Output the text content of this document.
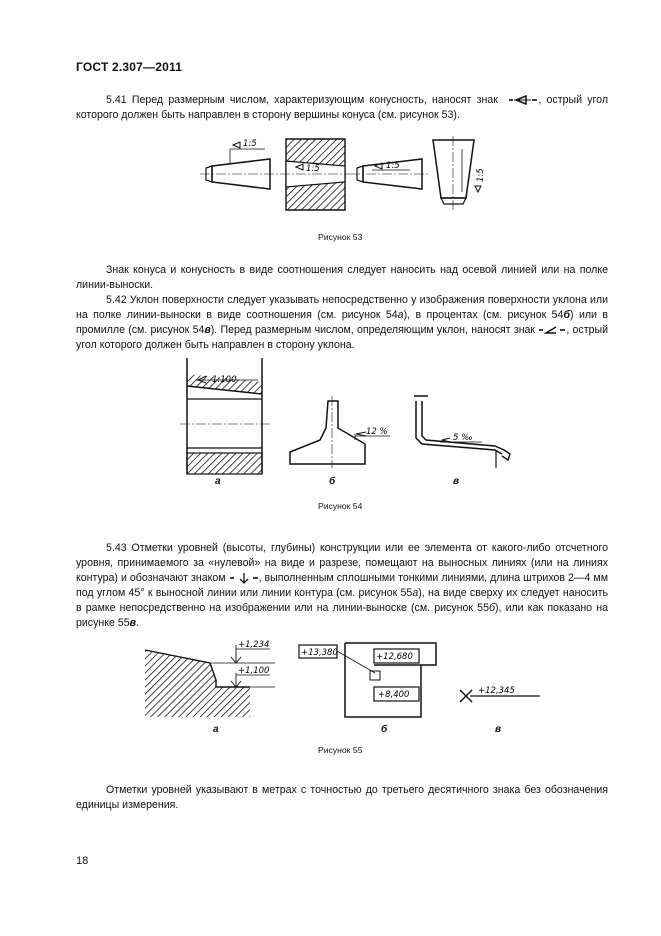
ГОСТ 2.307—2011
5.41 Перед размерным числом, характеризующим конусность, наносят знак	, острый угол которого должен быть направлен в сторону вершины конуса (см. рисунок 53).
1:5
1:5	1:5
1:5
Рисунок 53
Знак конуса и конусность в виде соотношения следует наносить над осевой линией или на полке линии-выноски.
5.42 Уклон поверхности следует указывать непосредственно у изображения поверхности уклона или на полке линии-выноски в виде соотношения (см. рисунок 54а), в процентах (см. рисунок 54б) или в промилле (см. рисунок 54в). Перед размерным числом, определяющим уклон, наносят знак	, острый угол которого должен быть направлен в сторону уклона.
1:100
12 %
5 ‰
а	б	в
Рисунок 54
5.43 Отметки уровней (высоты, глубины) конструкции или ее элемента от какого-либо отсчетного уровня, принимаемого за «нулевой» на виде и разрезе, помещают на выносных линиях (или на линиях контура) и обозначают знаком	, выполненным сплошными тонкими линиями, длина штрихов 2—4 мм под углом 45° к выносной линии или линии контура (см. рисунок 55а), на виде сверху их следует наносить в рамке непосредственно на изображении или на линии-выноске (см. рисунок 55б), или как показано на рисунке 55в.
+1,234
+1,100
+13,380	+12,680
+8,400	+12,345
а	б	в
Рисунок 55
Отметки уровней указывают в метрах с точностью до третьего десятичного знака без обозначения единицы измерения.
18
